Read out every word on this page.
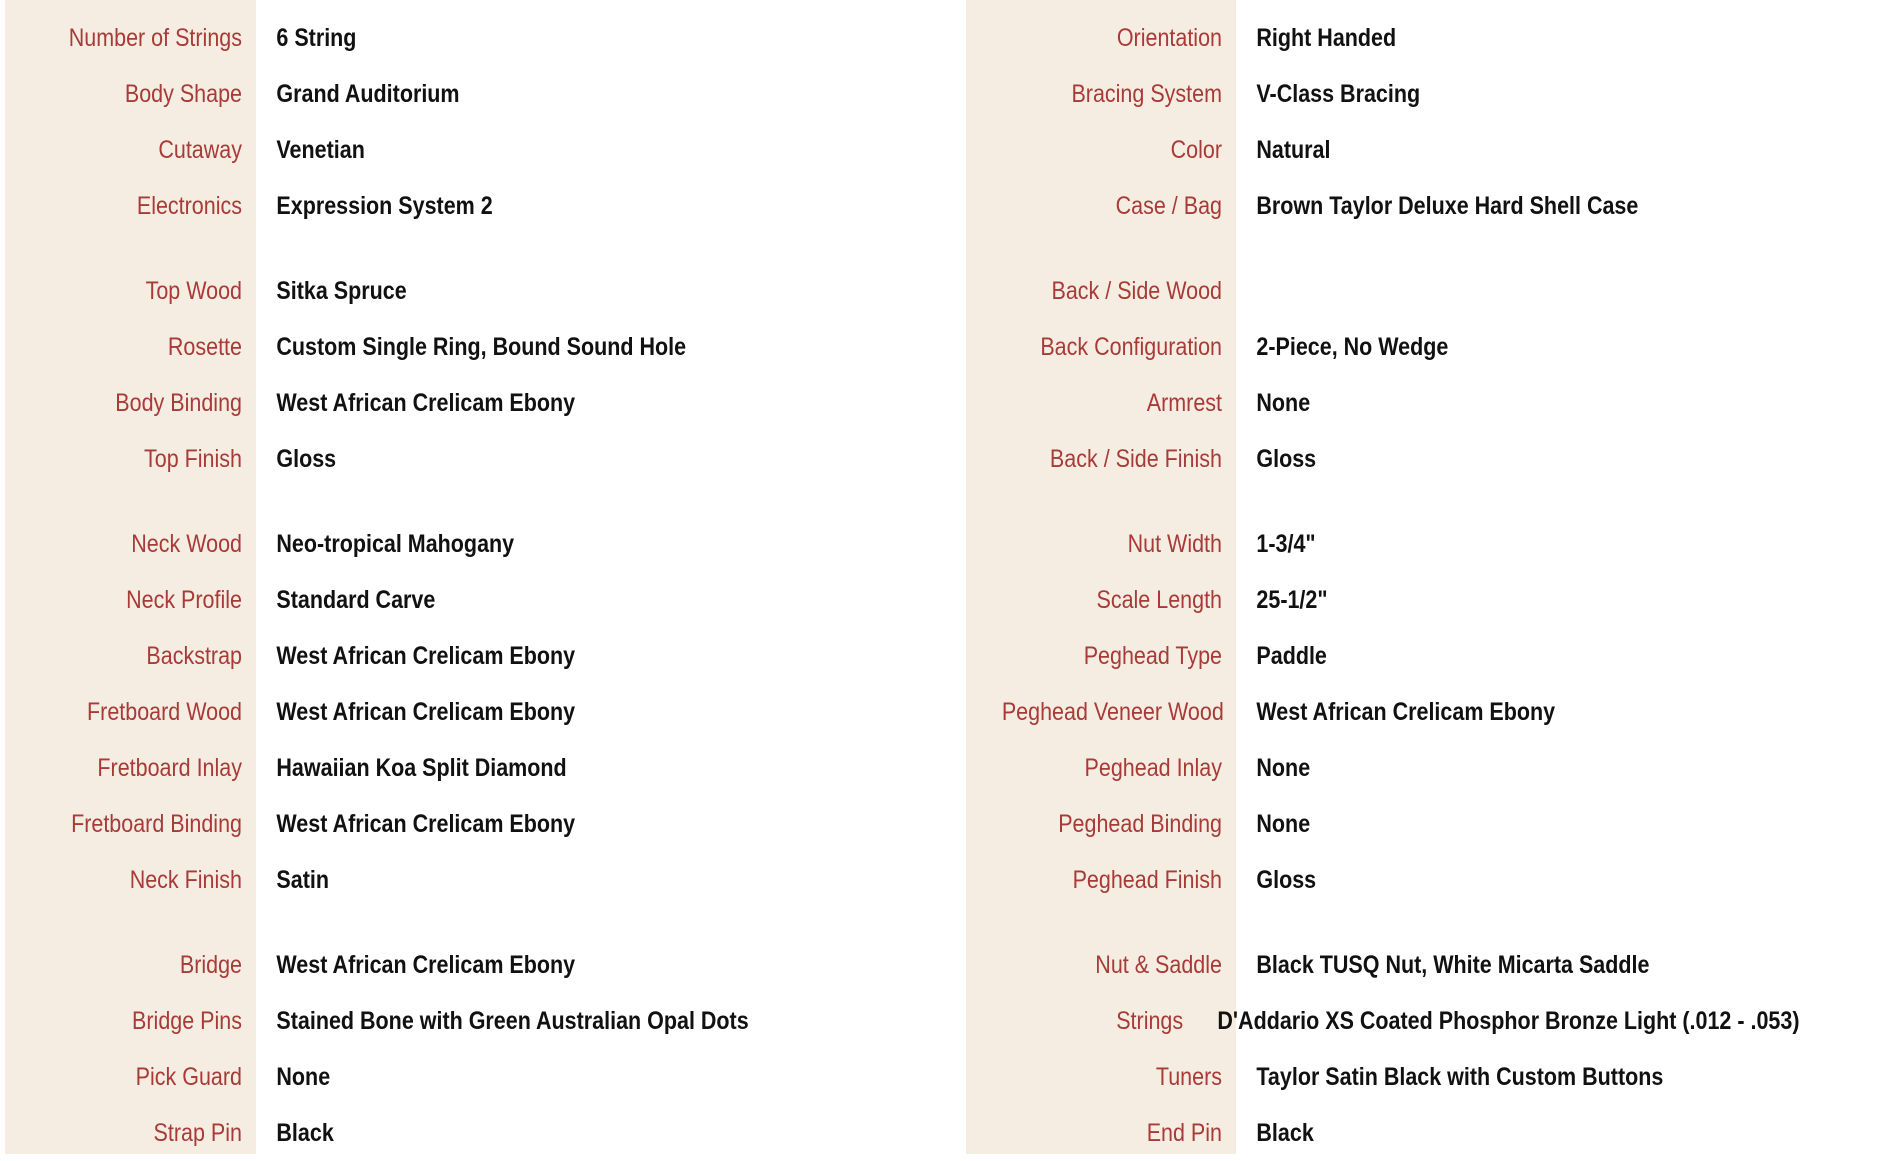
Number of Strings	6 String
Body Shape	Grand Auditorium
Cutaway	Venetian
Electronics	Expression System 2
Top Wood	Sitka Spruce
Rosette	Custom Single Ring, Bound Sound Hole
Body Binding	West African Crelicam Ebony
Top Finish	Gloss
Neck Wood	Neo-tropical Mahogany
Neck Profile	Standard Carve
Backstrap	West African Crelicam Ebony
Fretboard Wood	West African Crelicam Ebony
Fretboard Inlay	Hawaiian Koa Split Diamond
Fretboard Binding	West African Crelicam Ebony
Neck Finish	Satin
Bridge	West African Crelicam Ebony
Bridge Pins	Stained Bone with Green Australian Opal Dots
Pick Guard	None
Strap Pin	Black
Orientation	Right Handed
Bracing System	V-Class Bracing
Color	Natural
Case / Bag	Brown Taylor Deluxe Hard Shell Case
Back / Side Wood
Back Configuration	2-Piece, No Wedge
Armrest	None
Back / Side Finish	Gloss
Nut Width	1-3/4"
Scale Length	25-1/2"
Peghead Type	Paddle
Peghead Veneer Wood	West African Crelicam Ebony
Peghead Inlay	None
Peghead Binding	None
Peghead Finish	Gloss
Nut & Saddle	Black TUSQ Nut, White Micarta Saddle
Strings	D'Addario XS Coated Phosphor Bronze Light (.012 - .053)
Tuners	Taylor Satin Black with Custom Buttons
End Pin	Black
